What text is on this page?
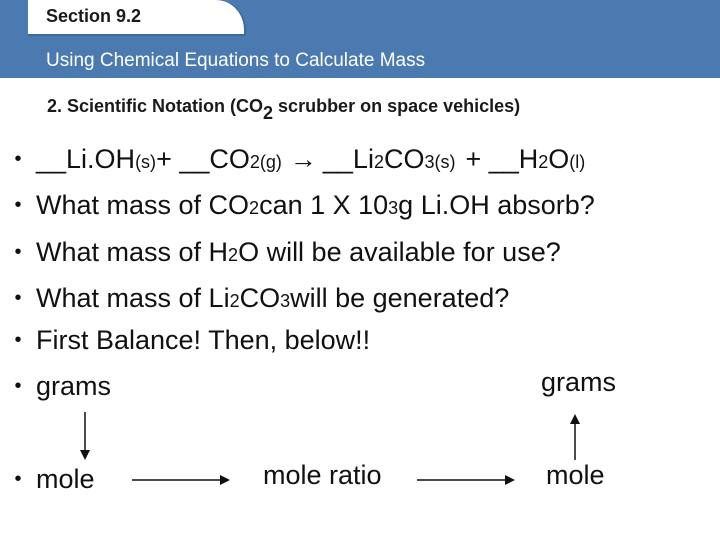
Section 9.2
Using Chemical Equations to Calculate Mass
2. Scientific Notation (CO2 scrubber on space vehicles)
• __Li.OH (s) + __CO 2(g) → __Li 2 CO 3(s) + __H 2 O (l)
• What mass of CO 2 can 1 X 10 3 g Li.OH absorb?
• What mass of H 2 O will be available for use?
• What mass of Li 2 CO 3 will be generated?
• First Balance! Then, below!!
• grams	grams
• mole	mole ratio	mole
